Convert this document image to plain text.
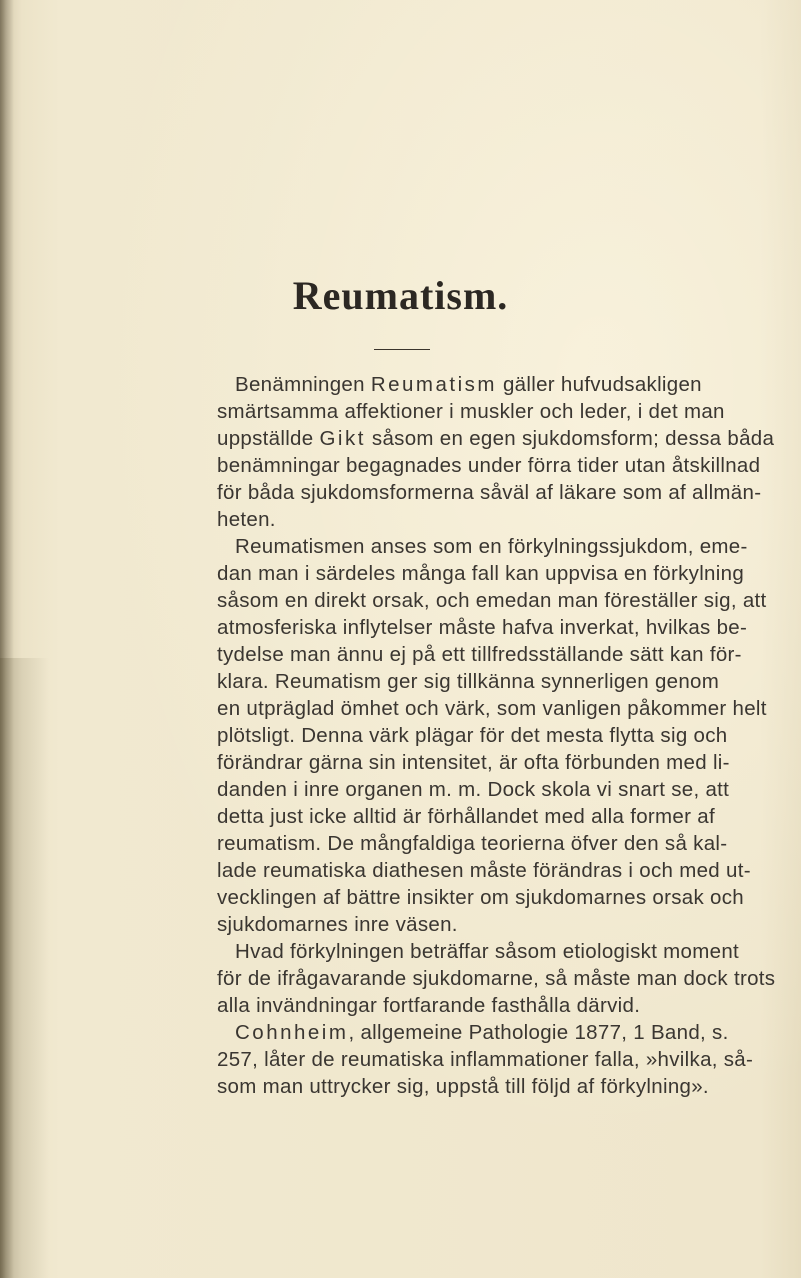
Reumatism.
Benämningen Reumatism gäller hufvudsakligen
smärtsamma affektioner i muskler och leder, i det man
uppställde Gikt såsom en egen sjukdomsform; dessa båda
benämningar begagnades under förra tider utan åtskillnad
för båda sjukdomsformerna såväl af läkare som af allmän-
heten.
Reumatismen anses som en förkylningssjukdom, eme-
dan man i särdeles många fall kan uppvisa en förkylning
såsom en direkt orsak, och emedan man föreställer sig, att
atmosferiska inflytelser måste hafva inverkat, hvilkas be-
tydelse man ännu ej på ett tillfredsställande sätt kan för-
klara. Reumatism ger sig tillkänna synnerligen genom
en utpräglad ömhet och värk, som vanligen påkommer helt
plötsligt. Denna värk plägar för det mesta flytta sig och
förändrar gärna sin intensitet, är ofta förbunden med li-
danden i inre organen m. m. Dock skola vi snart se, att
detta just icke alltid är förhållandet med alla former af
reumatism. De mångfaldiga teorierna öfver den så kal-
lade reumatiska diathesen måste förändras i och med ut-
vecklingen af bättre insikter om sjukdomarnes orsak och
sjukdomarnes inre väsen.
Hvad förkylningen beträffar såsom etiologiskt moment
för de ifrågavarande sjukdomarne, så måste man dock trots
alla invändningar fortfarande fasthålla därvid.
Cohnheim, allgemeine Pathologie 1877, 1 Band, s.
257, låter de reumatiska inflammationer falla, »hvilka, så-
som man uttrycker sig, uppstå till följd af förkylning».
